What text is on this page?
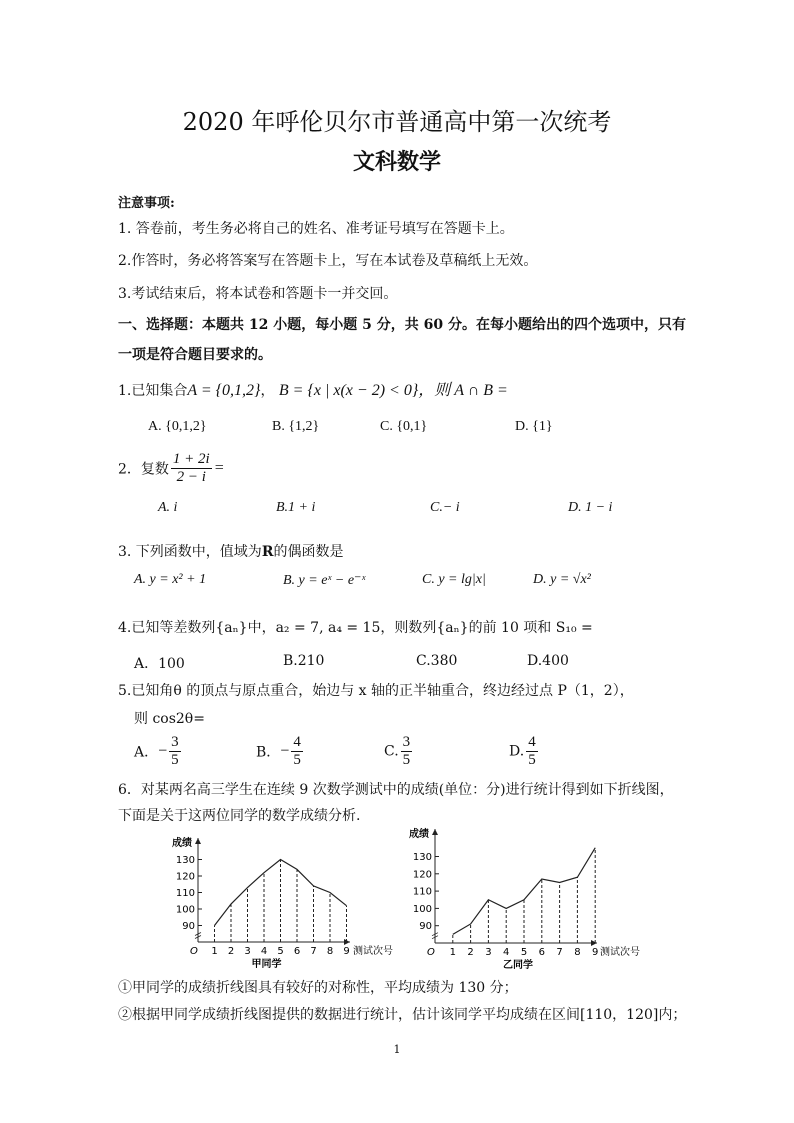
2020 年呼伦贝尔市普通高中第一次统考
文科数学
注意事项:
1. 答卷前，考生务必将自己的姓名、准考证号填写在答题卡上。
2.作答时，务必将答案写在答题卡上，写在本试卷及草稿纸上无效。
3.考试结束后，将本试卷和答题卡一并交回。
一、选择题：本题共 12 小题，每小题 5 分，共 60 分。在每小题给出的四个选项中，只有
一项是符合题目要求的。
1.已知集合A = {0,1,2}， B = {x | x(x − 2) < 0}，则 A ∩ B =
A. {0,1,2}	B. {1,2}	C. {0,1}	D. {1}
2．复数 $\frac{1 + 2i}{2 - i}$ =
A. i	B.1 + i	C.− i	D. 1 − i
3. 下列函数中，值域为R的偶函数是
A. y = x² + 1	B. y = eˣ − e⁻ˣ	C. y = lg|x|	D. y = √x²
4.已知等差数列{aₙ}中，a₂ = 7, a₄ = 15，则数列{aₙ}的前 10 项和 S₁₀ =
A．100	B.210	C.380	D.400
5.已知角θ 的顶点与原点重合，始边与 x 轴的正半轴重合，终边经过点 P（1，2），
则 cos2θ=
A．− $\frac{3}{5}$	B．− $\frac{4}{5}$	C. $\frac{3}{5}$	D. $\frac{4}{5}$
6．对某两名高三学生在连续 9 次数学测试中的成绩(单位：分)进行统计得到如下折线图，
下面是关于这两位同学的数学成绩分析.
成绩
测试次号
O
90
100
110
120
130
1 2 3 4 5 6 7 8 9
甲同学
成绩
测试次号
O
90
100
110
120
130
1 2 3 4 5 6 7 8 9
乙同学
①甲同学的成绩折线图具有较好的对称性，平均成绩为 130 分；
②根据甲同学成绩折线图提供的数据进行统计，估计该同学平均成绩在区间[110，120]内；
1
